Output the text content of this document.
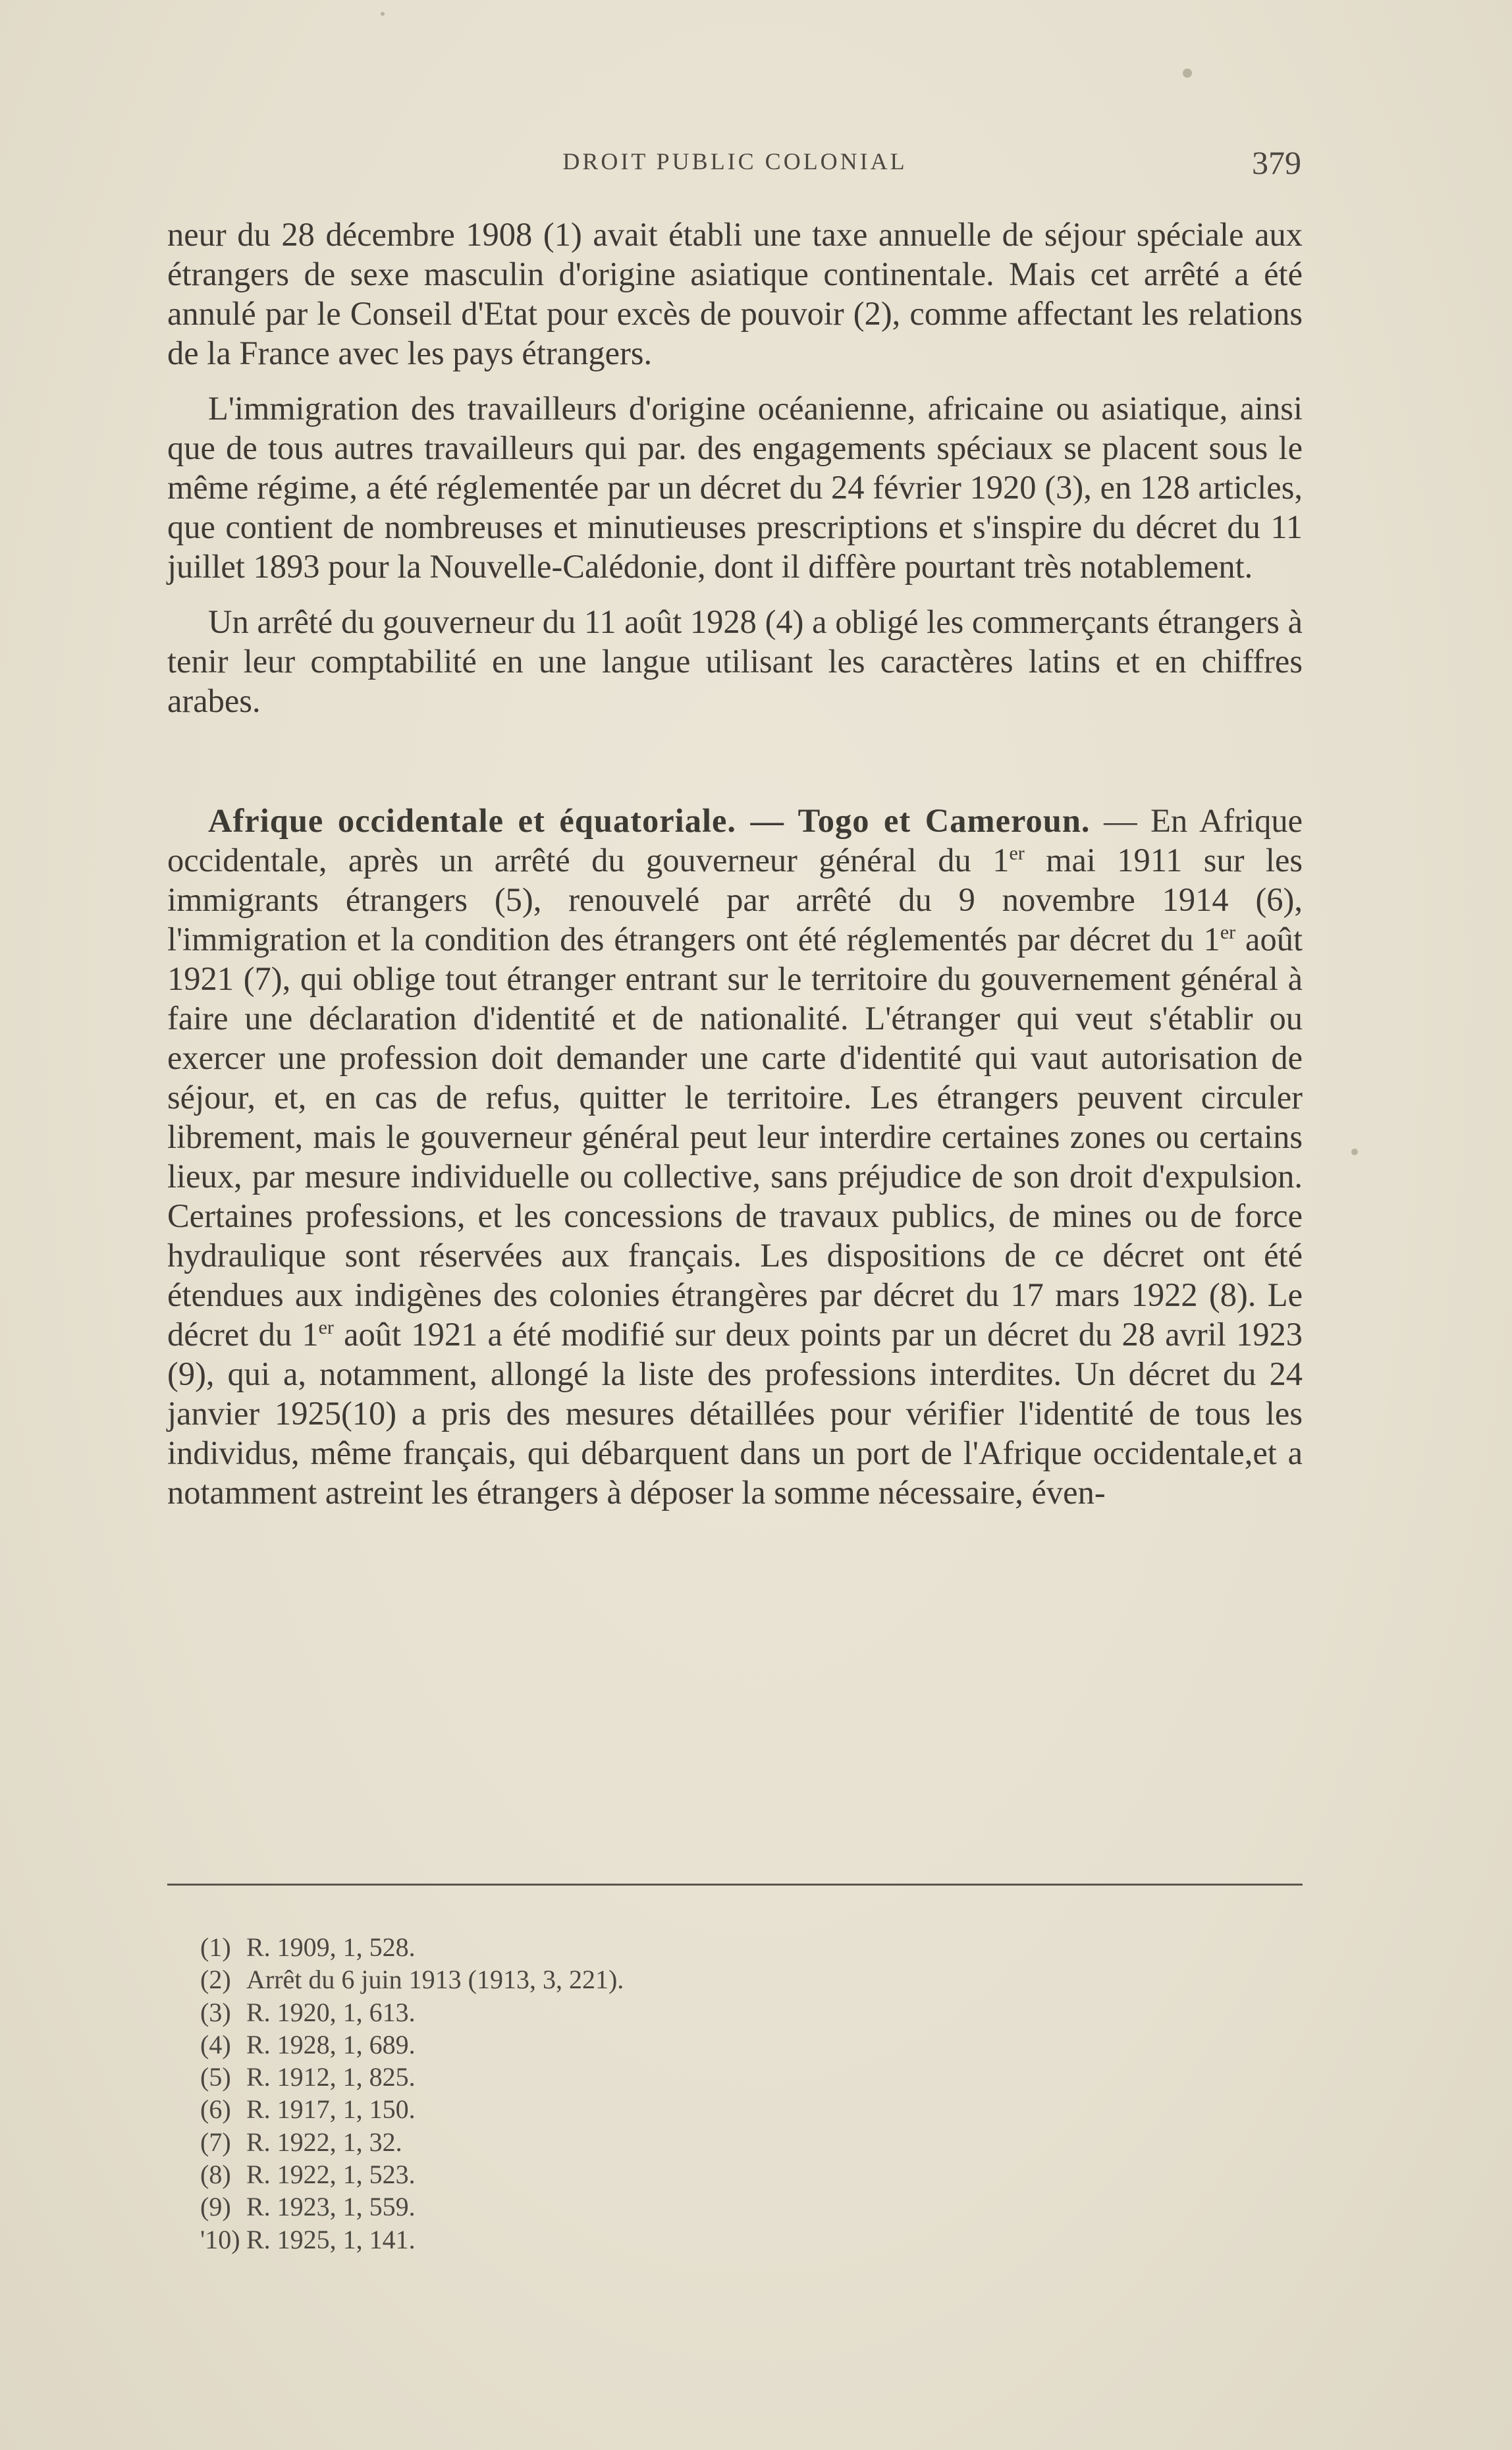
DROIT PUBLIC COLONIAL	379

neur du 28 décembre 1908 (1) avait établi une taxe annuelle de séjour spéciale aux étrangers de sexe masculin d'origine asiatique continentale. Mais cet arrêté a été annulé par le Conseil d'Etat pour excès de pouvoir (2), comme affectant les relations de la France avec les pays étrangers.

L'immigration des travailleurs d'origine océanienne, africaine ou asiatique, ainsi que de tous autres travailleurs qui par. des engagements spéciaux se placent sous le même régime, a été réglementée par un décret du 24 février 1920 (3), en 128 articles, que contient de nombreuses et minutieuses prescriptions et s'inspire du décret du 11 juillet 1893 pour la Nouvelle-Calédonie, dont il diffère pourtant très notablement.

Un arrêté du gouverneur du 11 août 1928 (4) a obligé les commerçants étrangers à tenir leur comptabilité en une langue utilisant les caractères latins et en chiffres arabes.

Afrique occidentale et équatoriale. — Togo et Cameroun. — En Afrique occidentale, après un arrêté du gouverneur général du 1er mai 1911 sur les immigrants étrangers (5), renouvelé par arrêté du 9 novembre 1914 (6), l'immigration et la condition des étrangers ont été réglementés par décret du 1er août 1921 (7), qui oblige tout étranger entrant sur le territoire du gouvernement général à faire une déclaration d'identité et de nationalité. L'étranger qui veut s'établir ou exercer une profession doit demander une carte d'identité qui vaut autorisation de séjour, et, en cas de refus, quitter le territoire. Les étrangers peuvent circuler librement, mais le gouverneur général peut leur interdire certaines zones ou certains lieux, par mesure individuelle ou collective, sans préjudice de son droit d'expulsion. Certaines professions, et les concessions de travaux publics, de mines ou de force hydraulique sont réservées aux français. Les dispositions de ce décret ont été étendues aux indigènes des colonies étrangères par décret du 17 mars 1922 (8). Le décret du 1er août 1921 a été modifié sur deux points par un décret du 28 avril 1923 (9), qui a, notamment, allongé la liste des professions interdites. Un décret du 24 janvier 1925(10) a pris des mesures détaillées pour vérifier l'identité de tous les individus, même français, qui débarquent dans un port de l'Afrique occidentale,et a notamment astreint les étrangers à déposer la somme nécessaire, éven-

(1) R. 1909, 1, 528.
(2) Arrêt du 6 juin 1913 (1913, 3, 221).
(3) R. 1920, 1, 613.
(4) R. 1928, 1, 689.
(5) R. 1912, 1, 825.
(6) R. 1917, 1, 150.
(7) R. 1922, 1, 32.
(8) R. 1922, 1, 523.
(9) R. 1923, 1, 559.
'10) R. 1925, 1, 141.
